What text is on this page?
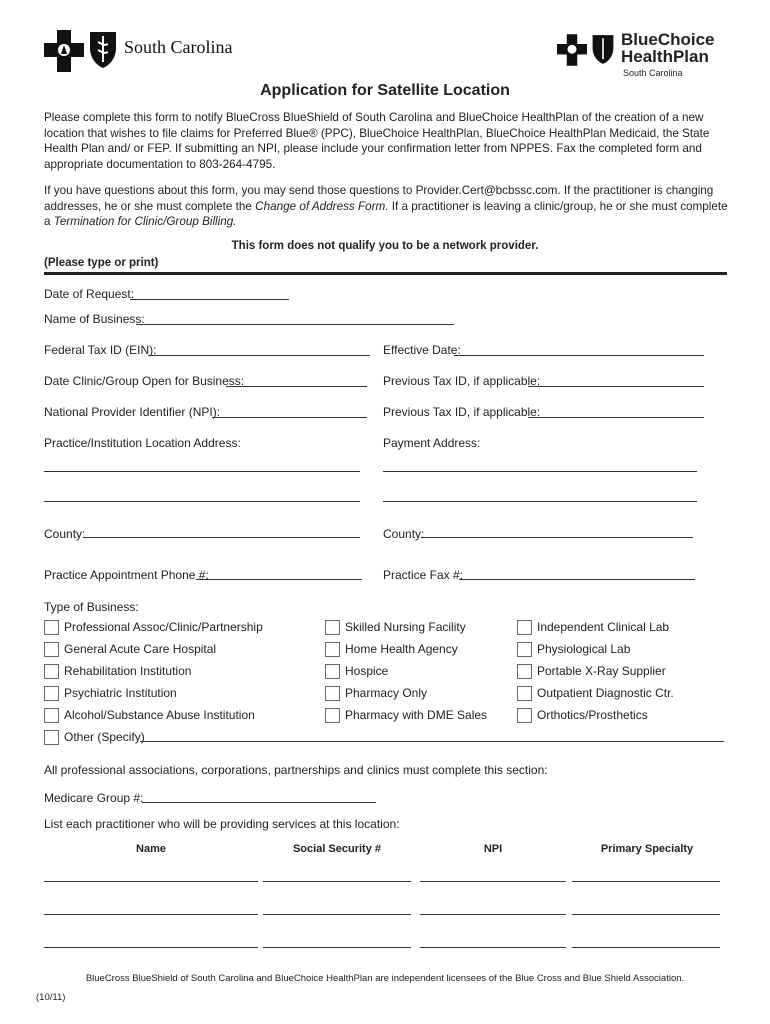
South Carolina	BlueChoice
HealthPlan
South Carolina
Application for Satellite Location
Please complete this form to notify BlueCross BlueShield of South Carolina and BlueChoice HealthPlan of the creation of a new location that wishes to file claims for Preferred Blue® (PPC), BlueChoice HealthPlan, BlueChoice HealthPlan Medicaid, the State Health Plan and/ or FEP. If submitting an NPI, please include your confirmation letter from NPPES. Fax the completed form and appropriate documentation to 803-264-4795.
If you have questions about this form, you may send those questions to Provider.Cert@bcbssc.com. If the practitioner is changing addresses, he or she must complete the Change of Address Form. If a practitioner is leaving a clinic/group, he or she must complete a Termination for Clinic/Group Billing.
This form does not qualify you to be a network provider.
(Please type or print)
Date of Request:
Name of Business:
Federal Tax ID (EIN):	Effective Date:
Date Clinic/Group Open for Business:	Previous Tax ID, if applicable:
National Provider Identifier (NPI):	Previous Tax ID, if applicable:
Practice/Institution Location Address:	Payment Address:
County:	County:
Practice Appointment Phone #:	Practice Fax #:
Type of Business:
Professional Assoc/Clinic/Partnership
General Acute Care Hospital
Rehabilitation Institution
Psychiatric Institution
Alcohol/Substance Abuse Institution
Other (Specify)
Skilled Nursing Facility
Home Health Agency
Hospice
Pharmacy Only
Pharmacy with DME Sales
Independent Clinical Lab
Physiological Lab
Portable X-Ray Supplier
Outpatient Diagnostic Ctr.
Orthotics/Prosthetics
All professional associations, corporations, partnerships and clinics must complete this section:
Medicare Group #:
List each practitioner who will be providing services at this location:
Name	Social Security #	NPI	Primary Specialty
BlueCross BlueShield of South Carolina and BlueChoice HealthPlan are independent licensees of the Blue Cross and Blue Shield Association.
(10/11)
